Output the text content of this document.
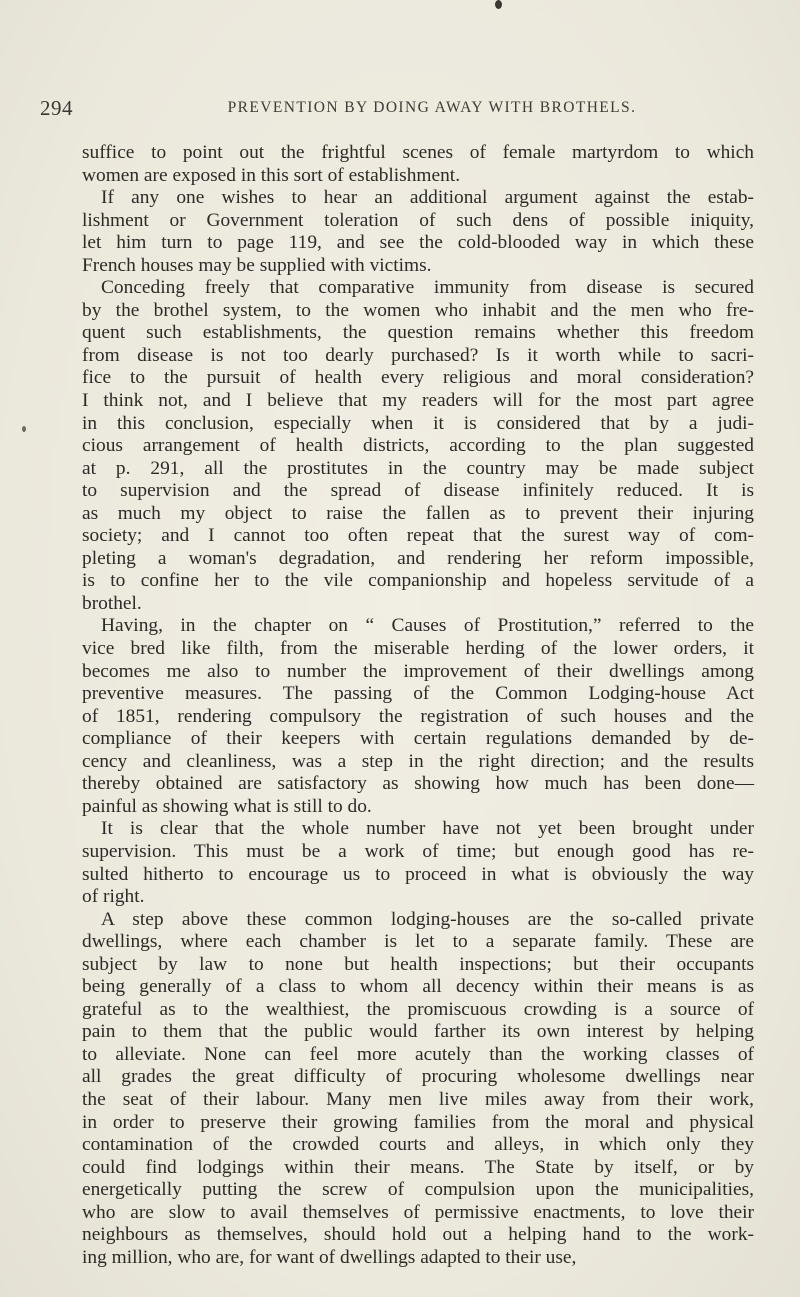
294	PREVENTION BY DOING AWAY WITH BROTHELS.
suffice to point out the frightful scenes of female martyrdom to which
women are exposed in this sort of establishment.
If any one wishes to hear an additional argument against the estab-
lishment or Government toleration of such dens of possible iniquity,
let him turn to page 119, and see the cold-blooded way in which these
French houses may be supplied with victims.
Conceding freely that comparative immunity from disease is secured
by the brothel system, to the women who inhabit and the men who fre-
quent such establishments, the question remains whether this freedom
from disease is not too dearly purchased? Is it worth while to sacri-
fice to the pursuit of health every religious and moral consideration?
I think not, and I believe that my readers will for the most part agree
in this conclusion, especially when it is considered that by a judi-
cious arrangement of health districts, according to the plan suggested
at p. 291, all the prostitutes in the country may be made subject
to supervision and the spread of disease infinitely reduced. It is
as much my object to raise the fallen as to prevent their injuring
society; and I cannot too often repeat that the surest way of com-
pleting a woman's degradation, and rendering her reform impossible,
is to confine her to the vile companionship and hopeless servitude of a
brothel.
Having, in the chapter on “ Causes of Prostitution,” referred to the
vice bred like filth, from the miserable herding of the lower orders, it
becomes me also to number the improvement of their dwellings among
preventive measures. The passing of the Common Lodging-house Act
of 1851, rendering compulsory the registration of such houses and the
compliance of their keepers with certain regulations demanded by de-
cency and cleanliness, was a step in the right direction; and the results
thereby obtained are satisfactory as showing how much has been done—
painful as showing what is still to do.
It is clear that the whole number have not yet been brought under
supervision. This must be a work of time; but enough good has re-
sulted hitherto to encourage us to proceed in what is obviously the way
of right.
A step above these common lodging-houses are the so-called private
dwellings, where each chamber is let to a separate family. These are
subject by law to none but health inspections; but their occupants
being generally of a class to whom all decency within their means is as
grateful as to the wealthiest, the promiscuous crowding is a source of
pain to them that the public would farther its own interest by helping
to alleviate. None can feel more acutely than the working classes of
all grades the great difficulty of procuring wholesome dwellings near
the seat of their labour. Many men live miles away from their work,
in order to preserve their growing families from the moral and physical
contamination of the crowded courts and alleys, in which only they
could find lodgings within their means. The State by itself, or by
energetically putting the screw of compulsion upon the municipalities,
who are slow to avail themselves of permissive enactments, to love their
neighbours as themselves, should hold out a helping hand to the work-
ing million, who are, for want of dwellings adapted to their use,
